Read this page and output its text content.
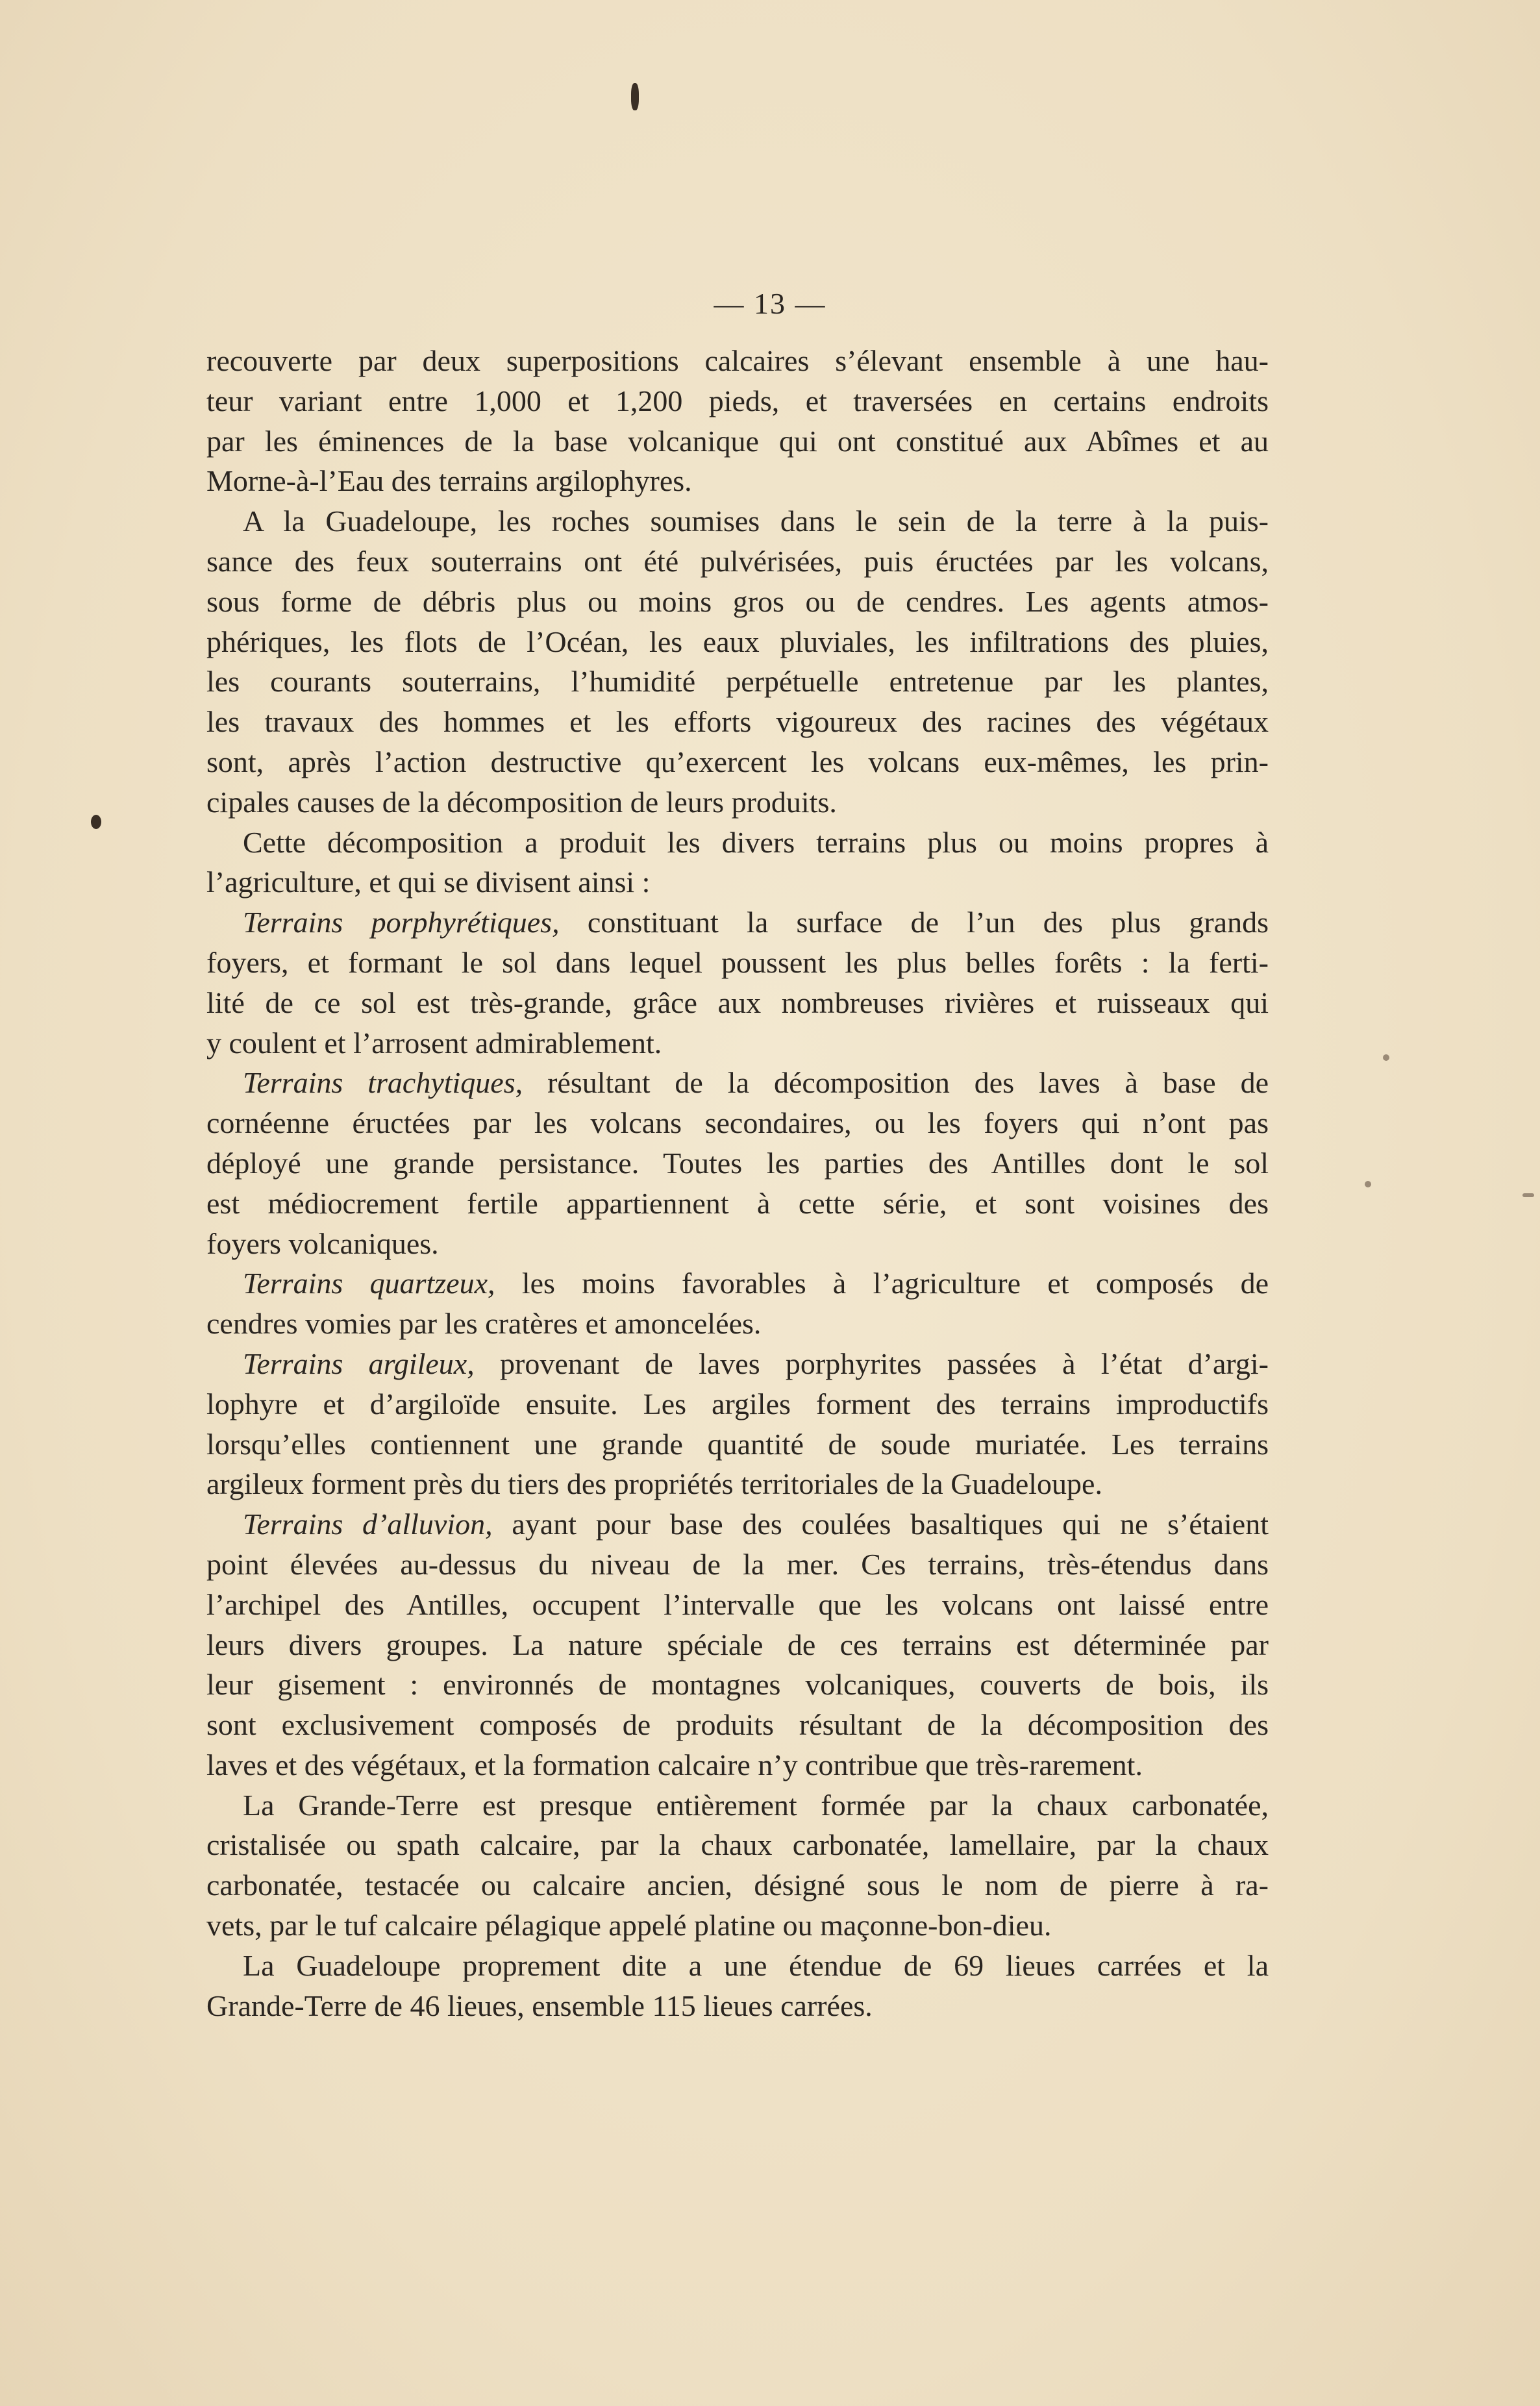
— 13 —

recouverte par deux superpositions calcaires s’élevant ensemble à une hau-

teur variant entre 1,000 et 1,200 pieds, et traversées en certains endroits

par les éminences de la base volcanique qui ont constitué aux Abîmes et au

Morne-à-l’Eau des terrains argilophyres.

A la Guadeloupe, les roches soumises dans le sein de la terre à la puis-

sance des feux souterrains ont été pulvérisées, puis éructées par les volcans,

sous forme de débris plus ou moins gros ou de cendres. Les agents atmos-

phériques, les flots de l’Océan, les eaux pluviales, les infiltrations des pluies,

les courants souterrains, l’humidité perpétuelle entretenue par les plantes,

les travaux des hommes et les efforts vigoureux des racines des végétaux

sont, après l’action destructive qu’exercent les volcans eux-mêmes, les prin-

cipales causes de la décomposition de leurs produits.

Cette décomposition a produit les divers terrains plus ou moins propres à

l’agriculture, et qui se divisent ainsi :

Terrains porphyrétiques, constituant la surface de l’un des plus grands

foyers, et formant le sol dans lequel poussent les plus belles forêts : la ferti-

lité de ce sol est très-grande, grâce aux nombreuses rivières et ruisseaux qui

y coulent et l’arrosent admirablement.

Terrains trachytiques, résultant de la décomposition des laves à base de

cornéenne éructées par les volcans secondaires, ou les foyers qui n’ont pas

déployé une grande persistance. Toutes les parties des Antilles dont le sol

est médiocrement fertile appartiennent à cette série, et sont voisines des

foyers volcaniques.

Terrains quartzeux, les moins favorables à l’agriculture et composés de

cendres vomies par les cratères et amoncelées.

Terrains argileux, provenant de laves porphyrites passées à l’état d’argi-

lophyre et d’argiloïde ensuite. Les argiles forment des terrains improductifs

lorsqu’elles contiennent une grande quantité de soude muriatée. Les terrains

argileux forment près du tiers des propriétés territoriales de la Guadeloupe.

Terrains d’alluvion, ayant pour base des coulées basaltiques qui ne s’étaient

point élevées au-dessus du niveau de la mer. Ces terrains, très-étendus dans

l’archipel des Antilles, occupent l’intervalle que les volcans ont laissé entre

leurs divers groupes. La nature spéciale de ces terrains est déterminée par

leur gisement : environnés de montagnes volcaniques, couverts de bois, ils

sont exclusivement composés de produits résultant de la décomposition des

laves et des végétaux, et la formation calcaire n’y contribue que très-rarement.

La Grande-Terre est presque entièrement formée par la chaux carbonatée,

cristalisée ou spath calcaire, par la chaux carbonatée, lamellaire, par la chaux

carbonatée, testacée ou calcaire ancien, désigné sous le nom de pierre à ra-

vets, par le tuf calcaire pélagique appelé platine ou maçonne-bon-dieu.

La Guadeloupe proprement dite a une étendue de 69 lieues carrées et la

Grande-Terre de 46 lieues, ensemble 115 lieues carrées.
